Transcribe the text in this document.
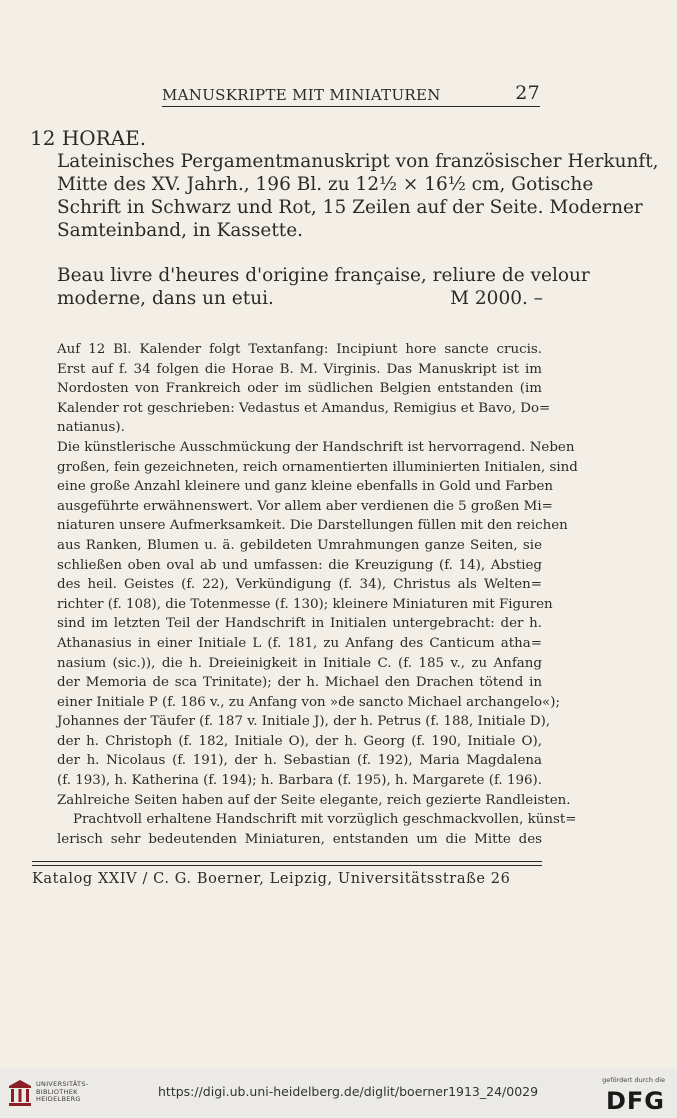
MANUSKRIPTE MIT MINIATUREN	27
12 HORAE.
Lateinisches Pergamentmanuskript von französischer Herkunft,
Mitte des XV. Jahrh., 196 Bl. zu 12½ × 16½ cm, Gotische
Schrift in Schwarz und Rot, 15 Zeilen auf der Seite. Moderner
Samteinband, in Kassette.
Beau livre d'heures d'origine française, reliure de velour
moderne, dans un etui.	M 2000. –
Auf 12 Bl. Kalender folgt Textanfang: Incipiunt hore sancte crucis.
Erst auf f. 34 folgen die Horae B. M. Virginis. Das Manuskript ist im
Nordosten von Frankreich oder im südlichen Belgien entstanden (im
Kalender rot geschrieben: Vedastus et Amandus, Remigius et Bavo, Do=
natianus).
Die künstlerische Ausschmückung der Handschrift ist hervorragend. Neben
großen, fein gezeichneten, reich ornamentierten illuminierten Initialen, sind
eine große Anzahl kleinere und ganz kleine ebenfalls in Gold und Farben
ausgeführte erwähnenswert. Vor allem aber verdienen die 5 großen Mi=
niaturen unsere Aufmerksamkeit. Die Darstellungen füllen mit den reichen
aus Ranken, Blumen u. ä. gebildeten Umrahmungen ganze Seiten, sie
schließen oben oval ab und umfassen: die Kreuzigung (f. 14), Abstieg
des heil. Geistes (f. 22), Verkündigung (f. 34), Christus als Welten=
richter (f. 108), die Totenmesse (f. 130); kleinere Miniaturen mit Figuren
sind im letzten Teil der Handschrift in Initialen untergebracht: der h.
Athanasius in einer Initiale L (f. 181, zu Anfang des Canticum atha=
nasium (sic.)), die h. Dreieinigkeit in Initiale C. (f. 185 v., zu Anfang
der Memoria de sca Trinitate); der h. Michael den Drachen tötend in
einer Initiale P (f. 186 v., zu Anfang von »de sancto Michael archangelo«);
Johannes der Täufer (f. 187 v. Initiale J), der h. Petrus (f. 188, Initiale D),
der h. Christoph (f. 182, Initiale O), der h. Georg (f. 190, Initiale O),
der h. Nicolaus (f. 191), der h. Sebastian (f. 192), Maria Magdalena
(f. 193), h. Katherina (f. 194); h. Barbara (f. 195), h. Margarete (f. 196).
Zahlreiche Seiten haben auf der Seite elegante, reich gezierte Randleisten.
Prachtvoll erhaltene Handschrift mit vorzüglich geschmackvollen, künst=
lerisch sehr bedeutenden Miniaturen, entstanden um die Mitte des
Katalog XXIV / C. G. Boerner, Leipzig, Universitätsstraße 26
UNIVERSITÄTS-
BIBLIOTHEK
HEIDELBERG	https://digi.ub.uni-heidelberg.de/diglit/boerner1913_24/0029
gefördert durch die
DFG
